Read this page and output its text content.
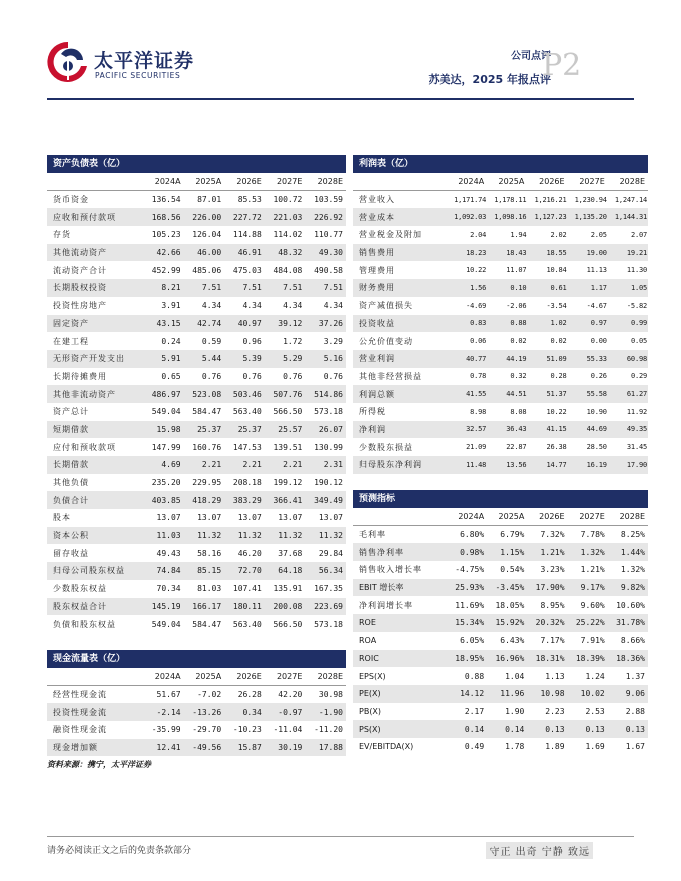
太平洋证券
PACIFIC SECURITIES
公司点评
苏美达，2025 年报点评
P2
资产负债表（亿）
	2024A	2025A	2026E	2027E	2028E
货币资金	136.54	87.01	85.53	100.72	103.59
应收和预付款项	168.56	226.00	227.72	221.03	226.92
存货	105.23	126.04	114.88	114.02	110.77
其他流动资产	42.66	46.00	46.91	48.32	49.30
流动资产合计	452.99	485.06	475.03	484.08	490.58
长期股权投资	8.21	7.51	7.51	7.51	7.51
投资性房地产	3.91	4.34	4.34	4.34	4.34
固定资产	43.15	42.74	40.97	39.12	37.26
在建工程	0.24	0.59	0.96	1.72	3.29
无形资产开发支出	5.91	5.44	5.39	5.29	5.16
长期待摊费用	0.65	0.76	0.76	0.76	0.76
其他非流动资产	486.97	523.08	503.46	507.76	514.86
资产总计	549.04	584.47	563.40	566.50	573.18
短期借款	15.98	25.37	25.37	25.57	26.07
应付和预收款项	147.99	160.76	147.53	139.51	130.99
长期借款	4.69	2.21	2.21	2.21	2.31
其他负债	235.20	229.95	208.18	199.12	190.12
负债合计	403.85	418.29	383.29	366.41	349.49
股本	13.07	13.07	13.07	13.07	13.07
资本公积	11.03	11.32	11.32	11.32	11.32
留存收益	49.43	58.16	46.20	37.68	29.84
归母公司股东权益	74.84	85.15	72.70	64.18	56.34
少数股东权益	70.34	81.03	107.41	135.91	167.35
股东权益合计	145.19	166.17	180.11	200.08	223.69
负债和股东权益	549.04	584.47	563.40	566.50	573.18
现金流量表（亿）
	2024A	2025A	2026E	2027E	2028E
经营性现金流	51.67	-7.02	26.28	42.20	30.98
投资性现金流	-2.14	-13.26	0.34	-0.97	-1.90
融资性现金流	-35.99	-29.70	-10.23	-11.04	-11.20
现金增加额	12.41	-49.56	15.87	30.19	17.88
利润表（亿）
	2024A	2025A	2026E	2027E	2028E
营业收入	1,171.74	1,178.11	1,216.21	1,230.94	1,247.14
营业成本	1,092.03	1,098.16	1,127.23	1,135.20	1,144.31
营业税金及附加	2.04	1.94	2.02	2.05	2.07
销售费用	18.23	18.43	18.55	19.00	19.21
管理费用	10.22	11.07	10.84	11.13	11.30
财务费用	1.56	0.10	0.61	1.17	1.05
资产减值损失	-4.69	-2.06	-3.54	-4.67	-5.82
投资收益	0.83	0.88	1.02	0.97	0.99
公允价值变动	0.06	0.02	0.02	0.00	0.05
营业利润	40.77	44.19	51.09	55.33	60.98
其他非经营损益	0.78	0.32	0.28	0.26	0.29
利润总额	41.55	44.51	51.37	55.58	61.27
所得税	8.98	8.08	10.22	10.90	11.92
净利润	32.57	36.43	41.15	44.69	49.35
少数股东损益	21.09	22.87	26.38	28.50	31.45
归母股东净利润	11.48	13.56	14.77	16.19	17.90
预测指标
	2024A	2025A	2026E	2027E	2028E
毛利率	6.80%	6.79%	7.32%	7.78%	8.25%
销售净利率	0.98%	1.15%	1.21%	1.32%	1.44%
销售收入增长率	-4.75%	0.54%	3.23%	1.21%	1.32%
EBIT 增长率	25.93%	-3.45%	17.90%	9.17%	9.82%
净利润增长率	11.69%	18.05%	8.95%	9.60%	10.60%
ROE	15.34%	15.92%	20.32%	25.22%	31.78%
ROA	6.05%	6.43%	7.17%	7.91%	8.66%
ROIC	18.95%	16.96%	18.31%	18.39%	18.36%
EPS(X)	0.88	1.04	1.13	1.24	1.37
PE(X)	14.12	11.96	10.98	10.02	9.06
PB(X)	2.17	1.90	2.23	2.53	2.88
PS(X)	0.14	0.14	0.13	0.13	0.13
EV/EBITDA(X)	0.49	1.78	1.89	1.69	1.67
资料来源：携宁，太平洋证券
请务必阅读正文之后的免责条款部分	守正 出奇 宁静 致远
